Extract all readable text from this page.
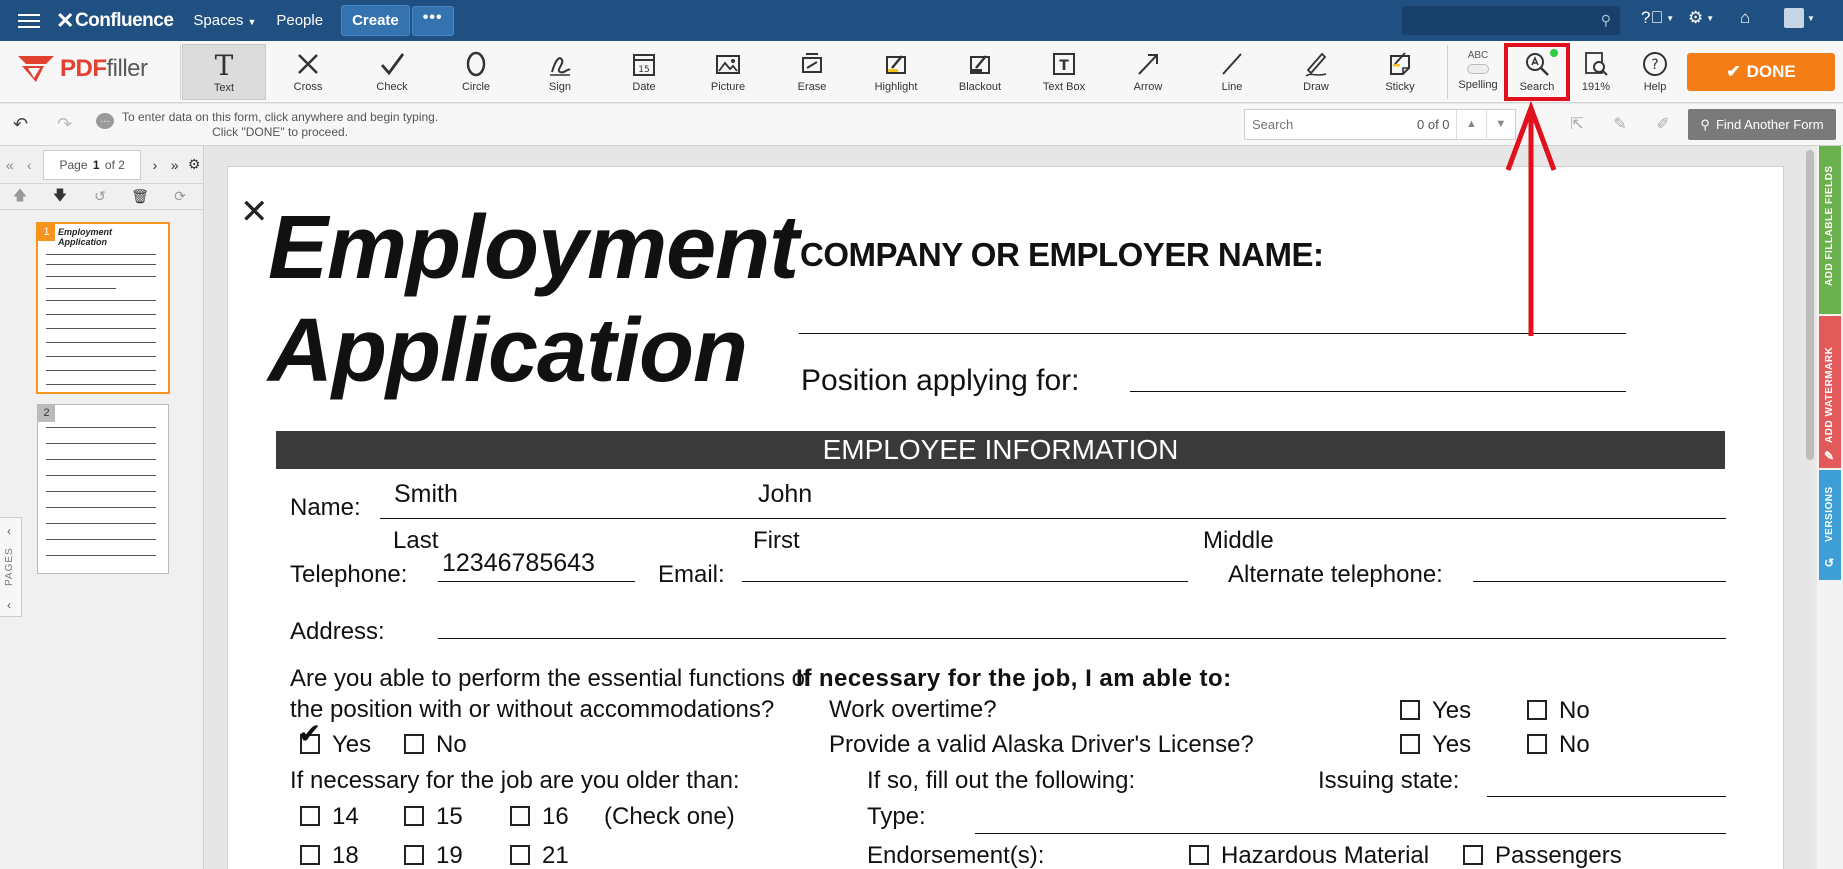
✕ Confluence Spaces ▼ People	Create	•••	⚲ ?⃝ ▼ ⚙ ▼ ⌂	▼
PDF filler T
Text	Cross	Check	Circle	Sign
15
Date	Picture	Erase	Highlight	Blackout
T
Text Box	Arrow	Line	Draw	Sticky
ABC
Spelling Search	191%
?
Help
✔ DONE
↶ ↷	…	To enter data on this form, click anywhere and begin typing.
Click "DONE" to proceed.
Search	0 of 0	▲	▼	⇱	✎	✐	⚲ Find Another Form
« ‹	Page
1
of 2	› » ⚙
🡅	🡇	↺	🗑	⟳
1 Employment Application
2
‹
PAGES
‹
✕ Employment
Application
COMPANY OR EMPLOYER NAME:
Position applying for:
EMPLOYEE INFORMATION
Name: Smith	John
Last	First	Middle
Telephone: 12346785643	Email:	Alternate telephone:
Address:
Are you able to perform the essential functions of
the position with or without accommodations?
✔ Yes	No
If necessary for the job are you older than:
14	15	16 (Check one)
18	19	21
If necessary for the job, I am able to:
Work overtime?	Yes	No
Provide a valid Alaska Driver's License?	Yes	No
If so, fill out the following:	Issuing state:
Type:
Endorsement(s):	Hazardous Material	Passengers
ADD FILLABLE FIELDS
ADD WATERMARK
✎
VERSIONS
↺
